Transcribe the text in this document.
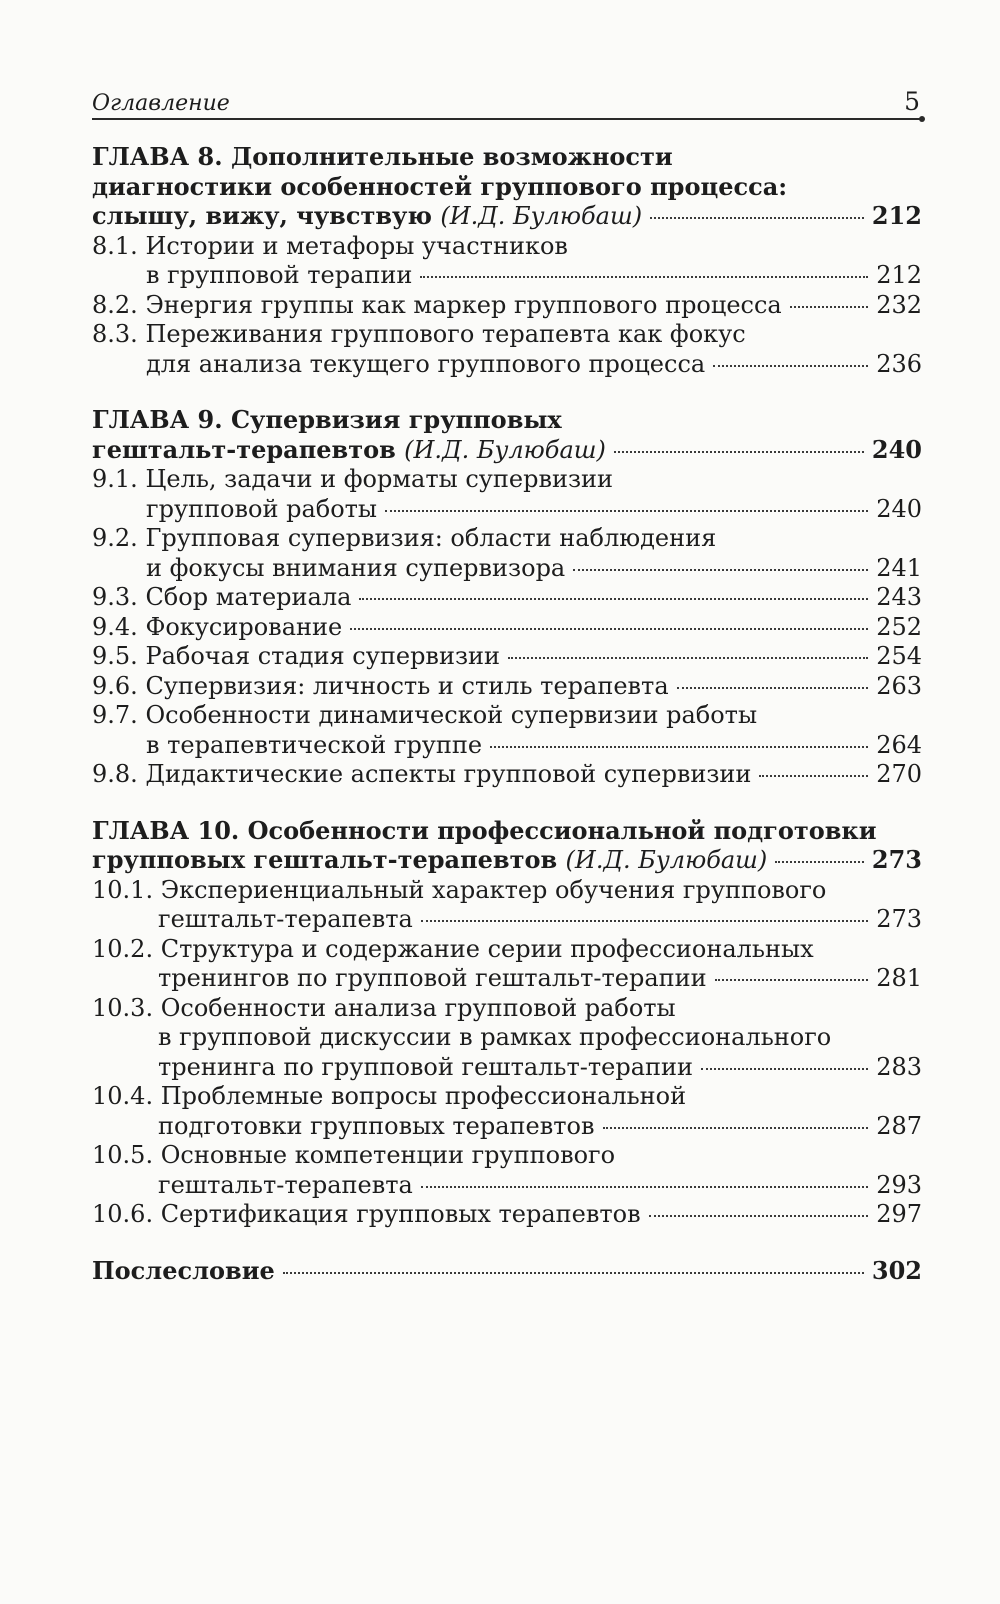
Оглавление	5
ГЛАВА 8. Дополнительные возможности
диагностики особенностей группового процесса:
слышу, вижу, чувствую (И.Д. Булюбаш)	212
8.1. Истории и метафоры участников
в групповой терапии	212
8.2. Энергия группы как маркер группового процесса	232
8.3. Переживания группового терапевта как фокус
для анализа текущего группового процесса	236
ГЛАВА 9. Супервизия групповых
гештальт-терапевтов (И.Д. Булюбаш)	240
9.1. Цель, задачи и форматы супервизии
групповой работы	240
9.2. Групповая супервизия: области наблюдения
и фокусы внимания супервизора	241
9.3. Сбор материала	243
9.4. Фокусирование	252
9.5. Рабочая стадия супервизии	254
9.6. Супервизия: личность и стиль терапевта	263
9.7. Особенности динамической супервизии работы
в терапевтической группе	264
9.8. Дидактические аспекты групповой супервизии	270
ГЛАВА 10. Особенности профессиональной подготовки
групповых гештальт-терапевтов (И.Д. Булюбаш)	273
10.1. Экспериенциальный характер обучения группового
гештальт-терапевта	273
10.2. Структура и содержание серии профессиональных
тренингов по групповой гештальт-терапии	281
10.3. Особенности анализа групповой работы
в групповой дискуссии в рамках профессионального
тренинга по групповой гештальт-терапии	283
10.4. Проблемные вопросы профессиональной
подготовки групповых терапевтов	287
10.5. Основные компетенции группового
гештальт-терапевта	293
10.6. Сертификация групповых терапевтов	297
Послесловие	302
